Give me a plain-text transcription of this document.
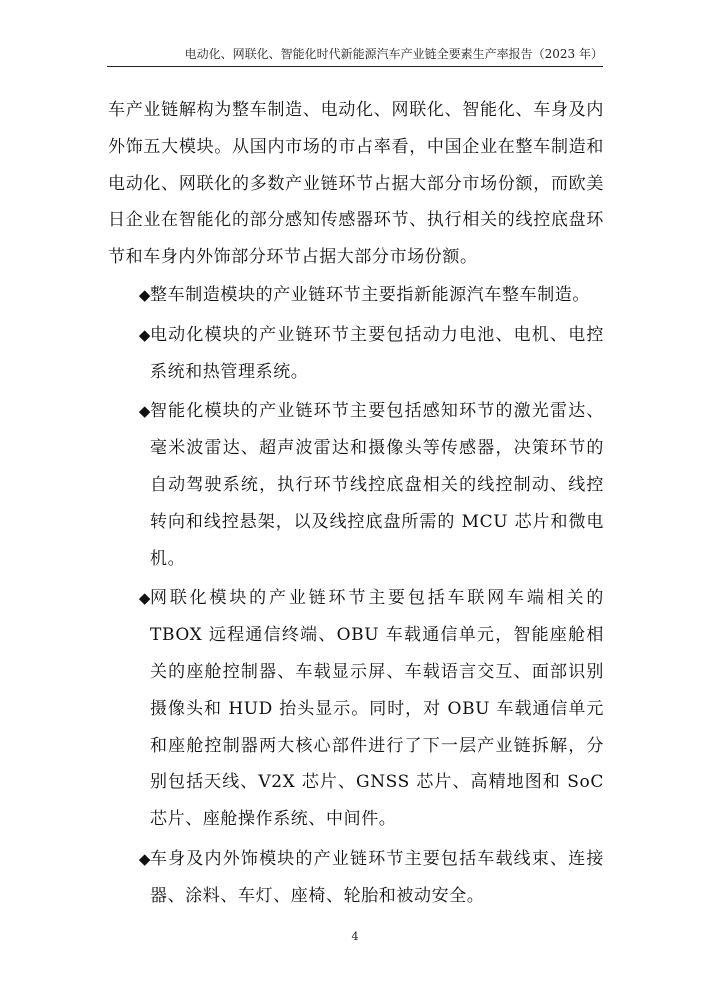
电动化、网联化、智能化时代新能源汽车产业链全要素生产率报告（2023 年）

车产业链解构为整车制造、电动化、网联化、智能化、车身及内外饰五大模块。从国内市场的市占率看，中国企业在整车制造和电动化、网联化的多数产业链环节占据大部分市场份额，而欧美日企业在智能化的部分感知传感器环节、执行相关的线控底盘环节和车身内外饰部分环节占据大部分市场份额。

◆
整车制造模块的产业链环节主要指新能源汽车整车制造。
◆
电动化模块的产业链环节主要包括动力电池、电机、电控系统和热管理系统。
◆
智能化模块的产业链环节主要包括感知环节的激光雷达、毫米波雷达、超声波雷达和摄像头等传感器，决策环节的自动驾驶系统，执行环节线控底盘相关的线控制动、线控转向和线控悬架，以及线控底盘所需的 MCU 芯片和微电机。
◆
网联化模块的产业链环节主要包括车联网车端相关的 TBOX 远程通信终端、OBU 车载通信单元，智能座舱相关的座舱控制器、车载显示屏、车载语言交互、面部识别摄像头和 HUD 抬头显示。同时，对 OBU 车载通信单元和座舱控制器两大核心部件进行了下一层产业链拆解，分别包括天线、V2X 芯片、GNSS 芯片、高精地图和 SoC 芯片、座舱操作系统、中间件。
◆
车身及内外饰模块的产业链环节主要包括车载线束、连接器、涂料、车灯、座椅、轮胎和被动安全。
4
